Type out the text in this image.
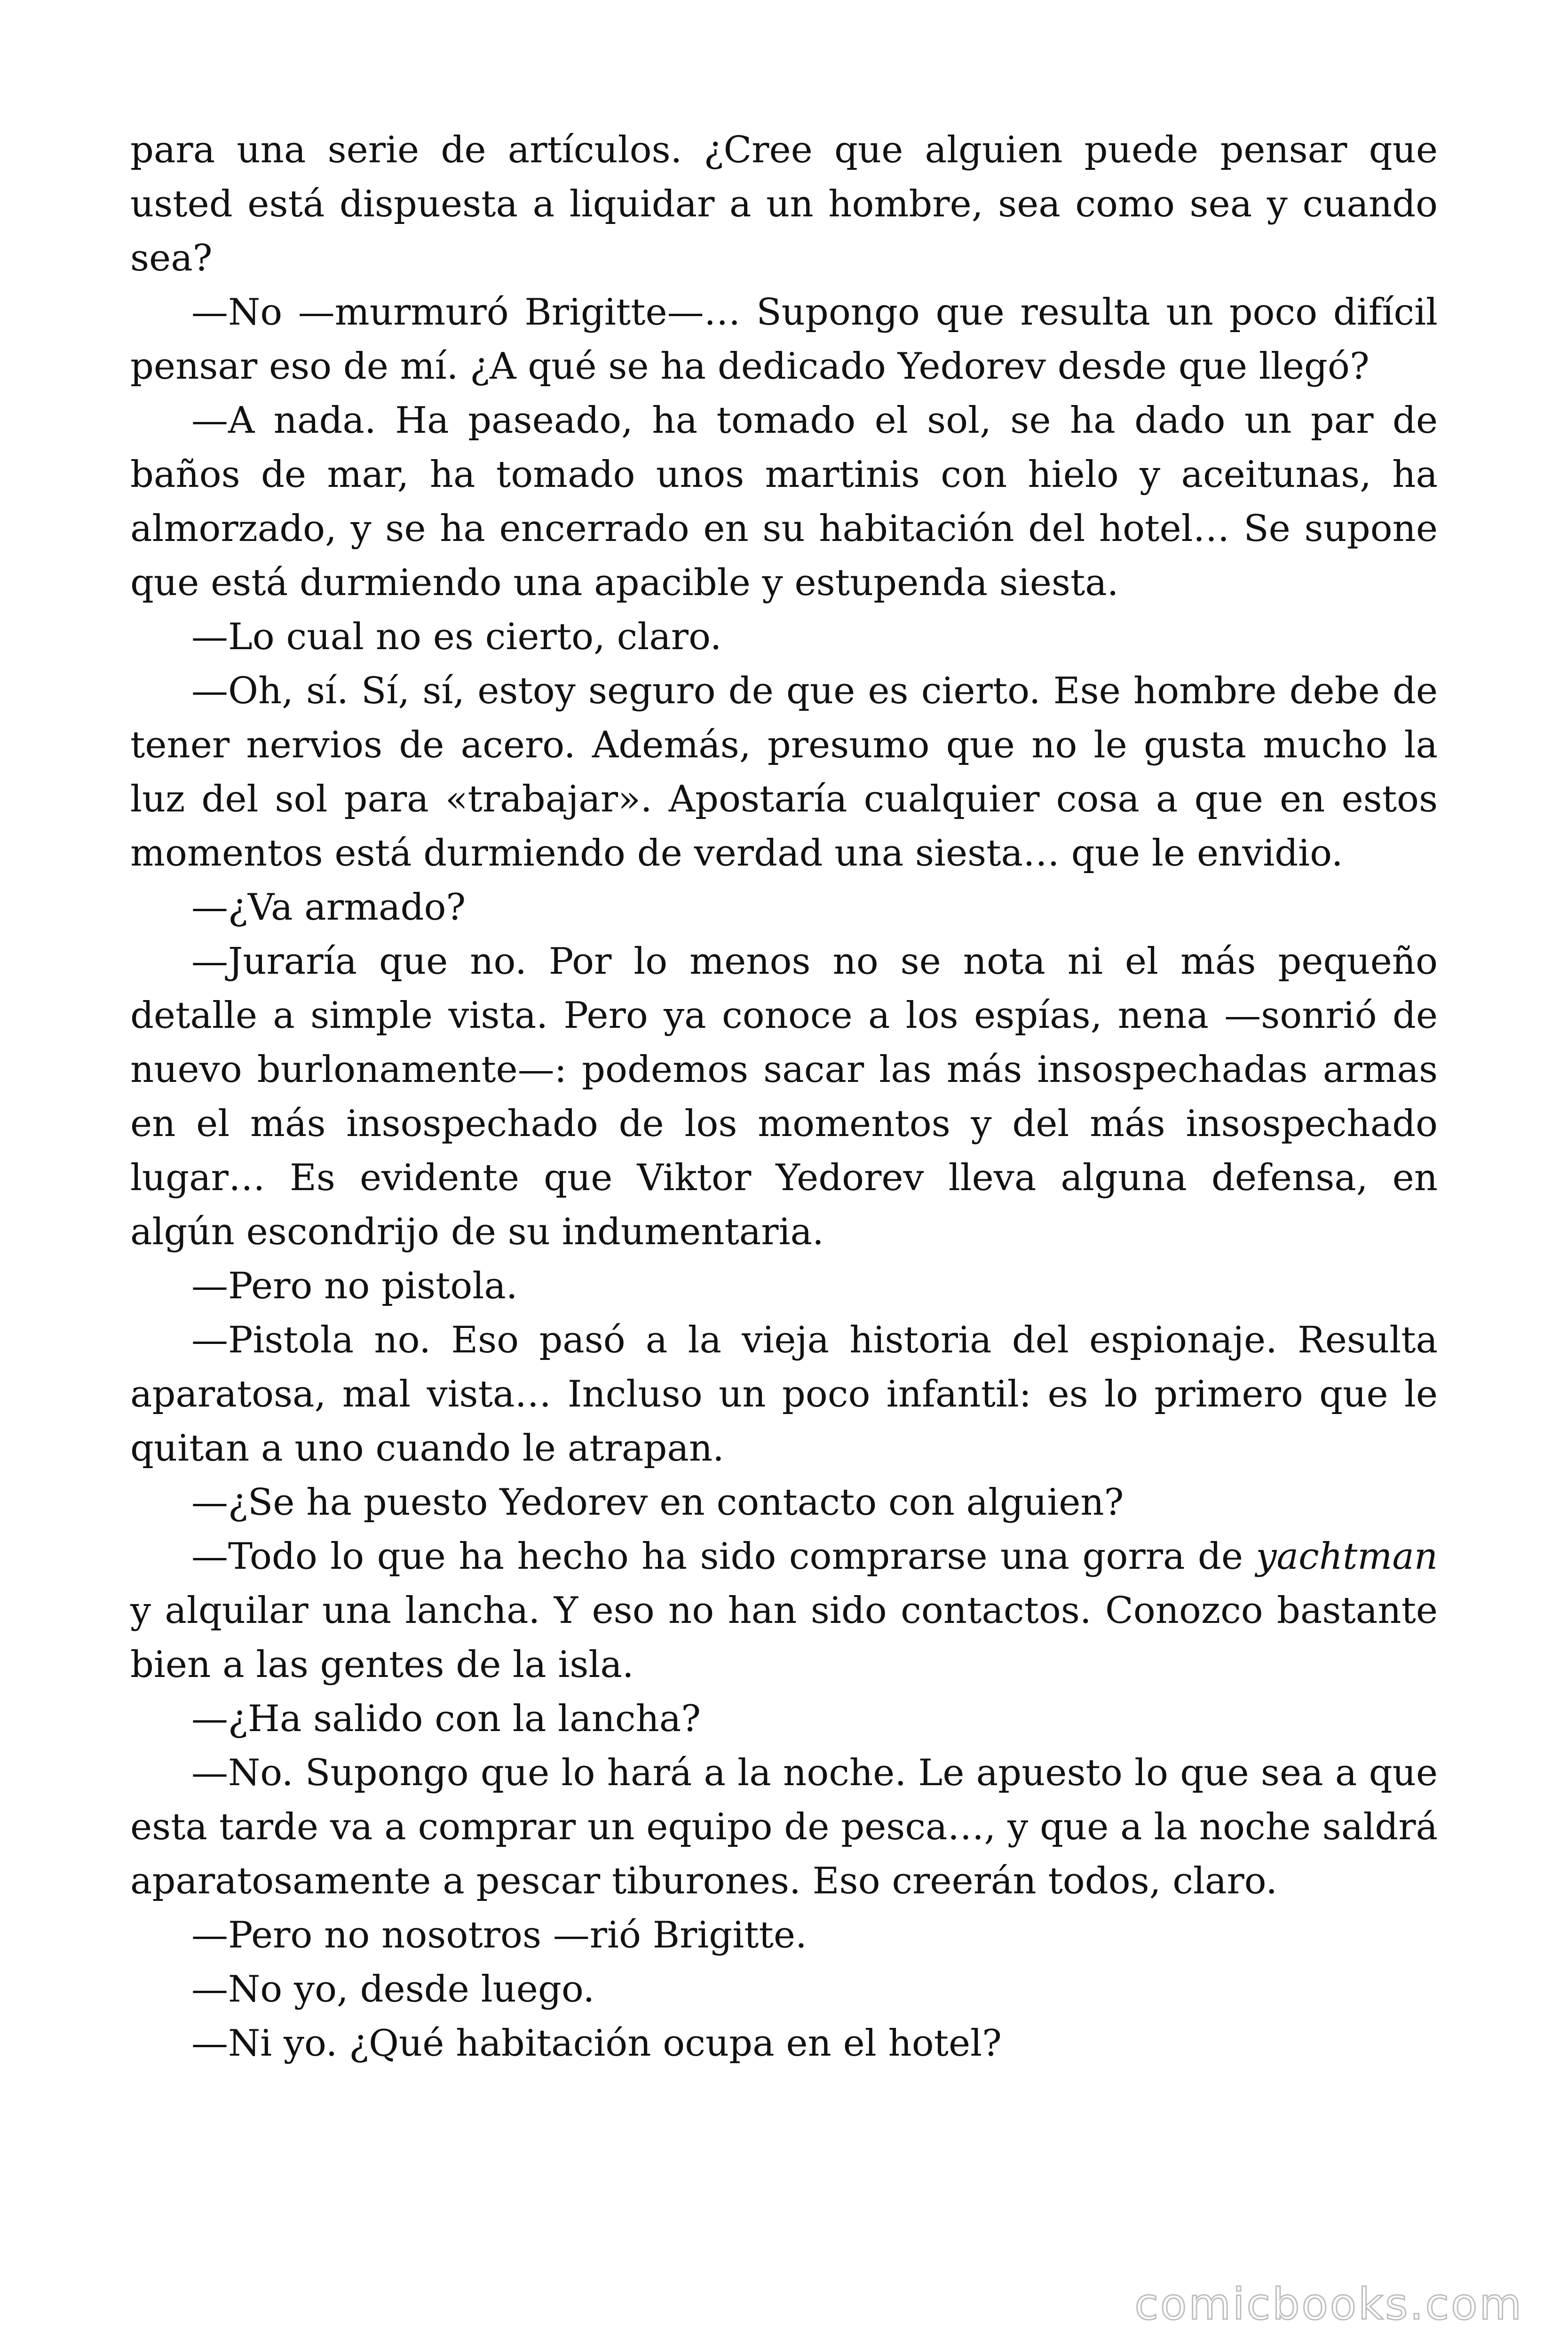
para una serie de artículos. ¿Cree que alguien puede pensar que usted está dispuesta a liquidar a un hombre, sea como sea y cuando sea?

—No —murmuró Brigitte—… Supongo que resulta un poco difícil pensar eso de mí. ¿A qué se ha dedicado Yedorev desde que llegó?

—A nada. Ha paseado, ha tomado el sol, se ha dado un par de baños de mar, ha tomado unos martinis con hielo y aceitunas, ha almorzado, y se ha encerrado en su habitación del hotel… Se supone que está durmiendo una apacible y estupenda siesta.

—Lo cual no es cierto, claro.

—Oh, sí. Sí, sí, estoy seguro de que es cierto. Ese hombre debe de tener nervios de acero. Además, presumo que no le gusta mucho la luz del sol para «trabajar». Apostaría cualquier cosa a que en estos momentos está durmiendo de verdad una siesta… que le envidio.

—¿Va armado?

—Juraría que no. Por lo menos no se nota ni el más pequeño detalle a simple vista. Pero ya conoce a los espías, nena —sonrió de nuevo burlonamente—: podemos sacar las más insospechadas armas en el más insospechado de los momentos y del más insospechado lugar… Es evidente que Viktor Yedorev lleva alguna defensa, en algún escondrijo de su indumentaria.

—Pero no pistola.

—Pistola no. Eso pasó a la vieja historia del espionaje. Resulta aparatosa, mal vista… Incluso un poco infantil: es lo primero que le quitan a uno cuando le atrapan.

—¿Se ha puesto Yedorev en contacto con alguien?

—Todo lo que ha hecho ha sido comprarse una gorra de yachtman y alquilar una lancha. Y eso no han sido contactos. Conozco bastante bien a las gentes de la isla.

—¿Ha salido con la lancha?

—No. Supongo que lo hará a la noche. Le apuesto lo que sea a que esta tarde va a comprar un equipo de pesca…, y que a la noche saldrá aparatosamente a pescar tiburones. Eso creerán todos, claro.

—Pero no nosotros —rió Brigitte.

—No yo, desde luego.

—Ni yo. ¿Qué habitación ocupa en el hotel?

comicbooks.com
